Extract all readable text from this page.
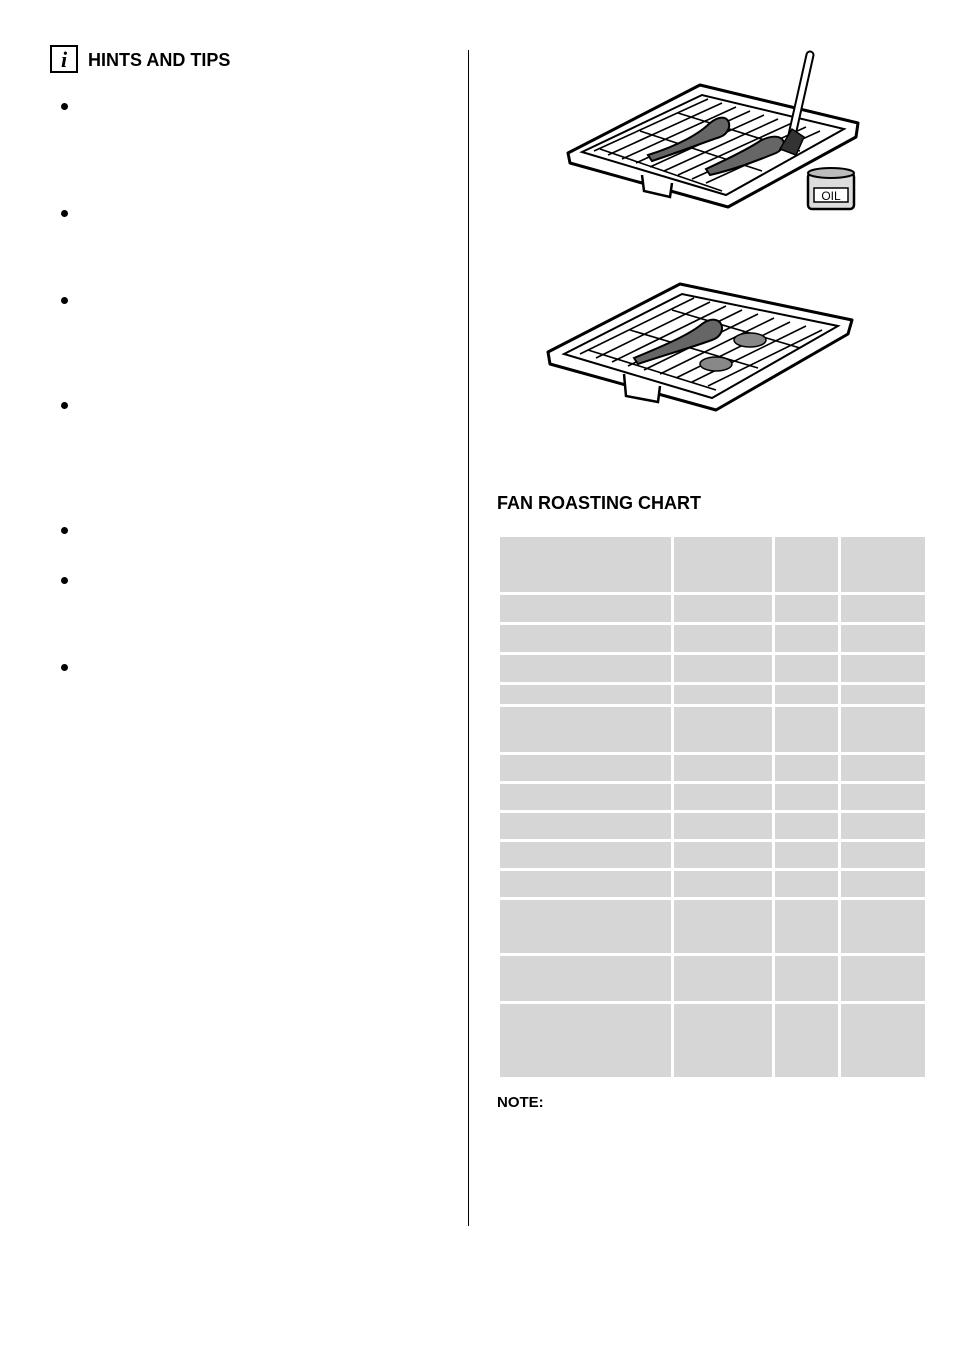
i	HINTS AND TIPS
OIL
FAN ROASTING CHART

NOTE:
